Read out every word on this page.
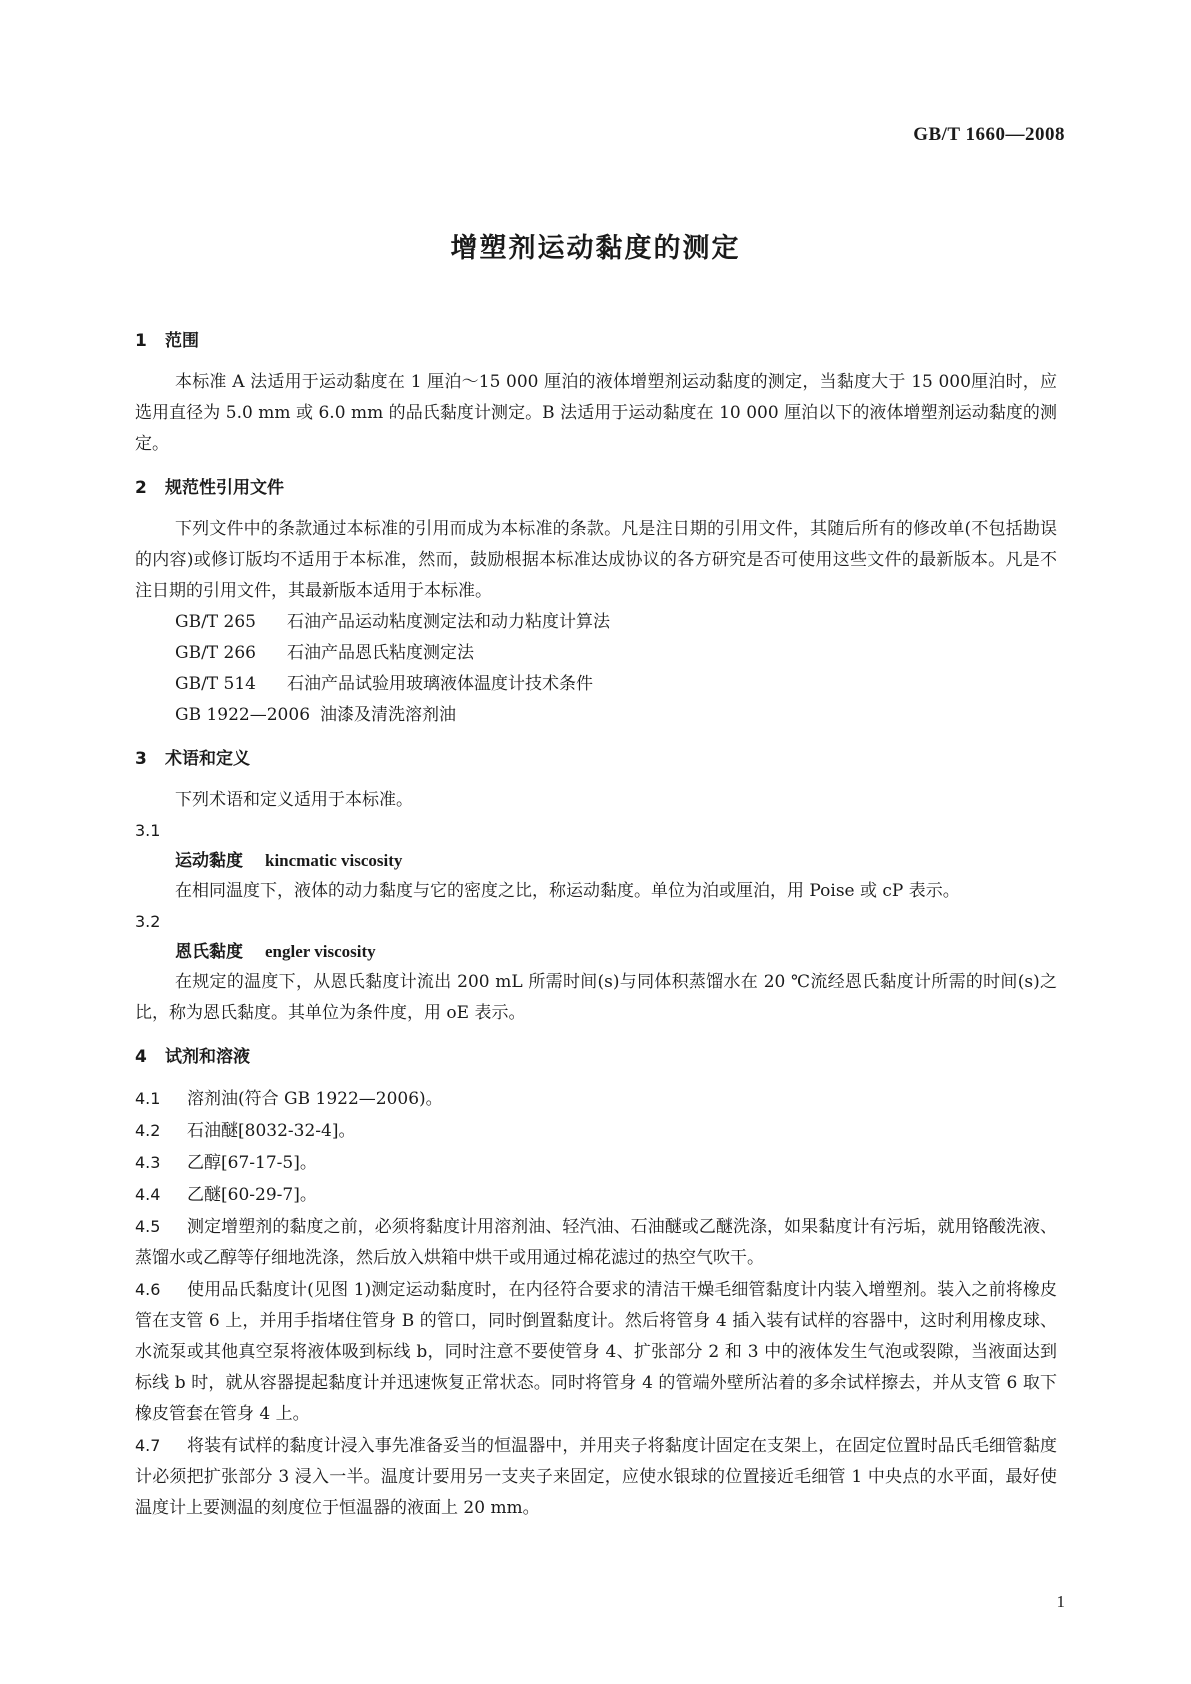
GB/T 1660—2008
增塑剂运动黏度的测定
1 范围

本标准 A 法适用于运动黏度在 1 厘泊～15 000 厘泊的液体增塑剂运动黏度的测定，当黏度大于 15 000厘泊时，应选用直径为 5.0 mm 或 6.0 mm 的品氏黏度计测定。B 法适用于运动黏度在 10 000 厘泊以下的液体增塑剂运动黏度的测定。

2 规范性引用文件

下列文件中的条款通过本标准的引用而成为本标准的条款。凡是注日期的引用文件，其随后所有的修改单(不包括勘误的内容)或修订版均不适用于本标准，然而，鼓励根据本标准达成协议的各方研究是否可使用这些文件的最新版本。凡是不注日期的引用文件，其最新版本适用于本标准。

GB/T 265 石油产品运动粘度测定法和动力粘度计算法
GB/T 266 石油产品恩氏粘度测定法
GB/T 514 石油产品试验用玻璃液体温度计技术条件
GB 1922—2006 油漆及清洗溶剂油
3 术语和定义

下列术语和定义适用于本标准。

3.1
运动黏度 kincmatic viscosity

在相同温度下，液体的动力黏度与它的密度之比，称运动黏度。单位为泊或厘泊，用 Poise 或 cP 表示。

3.2
恩氏黏度 engler viscosity

在规定的温度下，从恩氏黏度计流出 200 mL 所需时间(s)与同体积蒸馏水在 20 ℃流经恩氏黏度计所需的时间(s)之比，称为恩氏黏度。其单位为条件度，用 oE 表示。

4 试剂和溶液
4.1 溶剂油(符合 GB 1922—2006)。
4.2 石油醚[8032-32-4]。
4.3 乙醇[67-17-5]。
4.4 乙醚[60-29-7]。
4.5 测定增塑剂的黏度之前，必须将黏度计用溶剂油、轻汽油、石油醚或乙醚洗涤，如果黏度计有污垢，就用铬酸洗液、蒸馏水或乙醇等仔细地洗涤，然后放入烘箱中烘干或用通过棉花滤过的热空气吹干。
4.6 使用品氏黏度计(见图 1)测定运动黏度时，在内径符合要求的清洁干燥毛细管黏度计内装入增塑剂。装入之前将橡皮管在支管 6 上，并用手指堵住管身 B 的管口，同时倒置黏度计。然后将管身 4 插入装有试样的容器中，这时利用橡皮球、水流泵或其他真空泵将液体吸到标线 b，同时注意不要使管身 4、扩张部分 2 和 3 中的液体发生气泡或裂隙，当液面达到标线 b 时，就从容器提起黏度计并迅速恢复正常状态。同时将管身 4 的管端外壁所沾着的多余试样擦去，并从支管 6 取下橡皮管套在管身 4 上。
4.7 将装有试样的黏度计浸入事先准备妥当的恒温器中，并用夹子将黏度计固定在支架上，在固定位置时品氏毛细管黏度计必须把扩张部分 3 浸入一半。温度计要用另一支夹子来固定，应使水银球的位置接近毛细管 1 中央点的水平面，最好使温度计上要测温的刻度位于恒温器的液面上 20 mm。
1
